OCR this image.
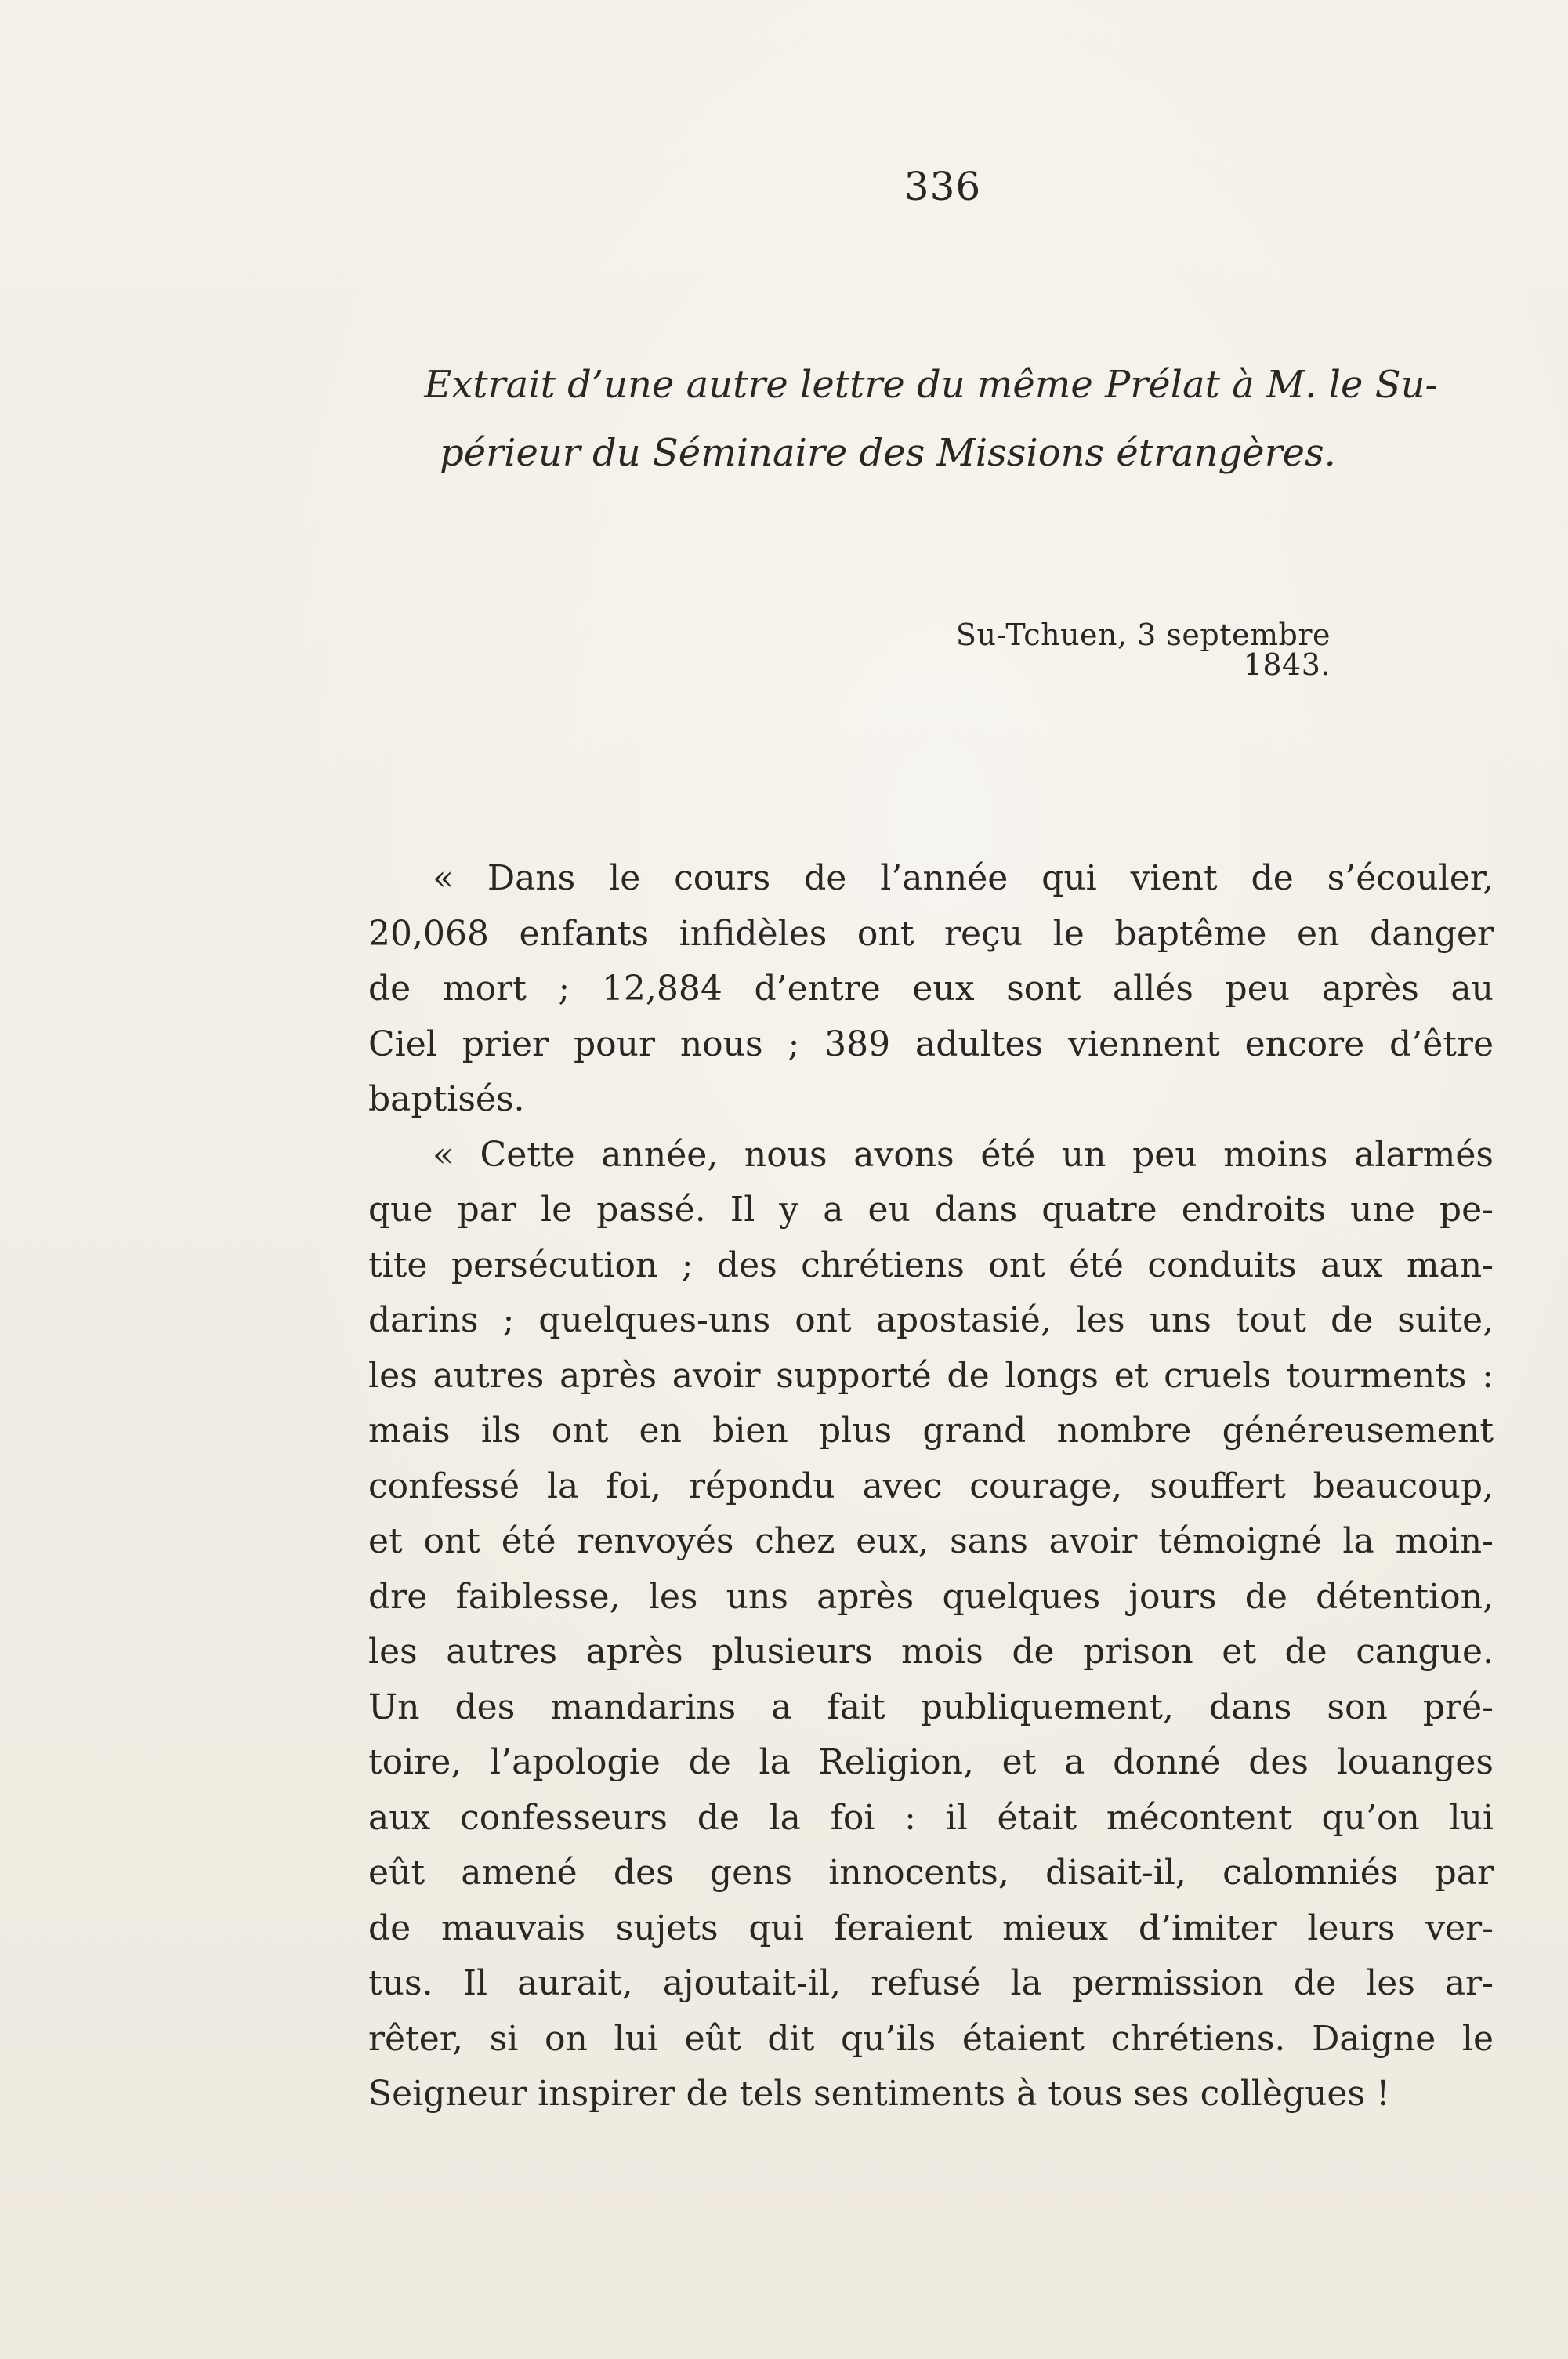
336
Extrait d’une autre lettre du même Prélat à M. le Su-
périeur du Séminaire des Missions étrangères.
Su-Tchuen, 3 septembre 1843.
« Dans le cours de l’année qui vient de s’écouler,
20,068 enfants infidèles ont reçu le baptême en danger
de mort ; 12,884 d’entre eux sont allés peu après au
Ciel prier pour nous ; 389 adultes viennent encore d’être
baptisés.
« Cette année, nous avons été un peu moins alarmés
que par le passé. Il y a eu dans quatre endroits une pe-
tite persécution ; des chrétiens ont été conduits aux man-
darins ; quelques-uns ont apostasié, les uns tout de suite,
les autres après avoir supporté de longs et cruels tourments :
mais ils ont en bien plus grand nombre généreusement
confessé la foi, répondu avec courage, souffert beaucoup,
et ont été renvoyés chez eux, sans avoir témoigné la moin-
dre faiblesse, les uns après quelques jours de détention,
les autres après plusieurs mois de prison et de cangue.
Un des mandarins a fait publiquement, dans son pré-
toire, l’apologie de la Religion, et a donné des louanges
aux confesseurs de la foi : il était mécontent qu’on lui
eût amené des gens innocents, disait-il, calomniés par
de mauvais sujets qui feraient mieux d’imiter leurs ver-
tus. Il aurait, ajoutait-il, refusé la permission de les ar-
rêter, si on lui eût dit qu’ils étaient chrétiens. Daigne le
Seigneur inspirer de tels sentiments à tous ses collègues !
